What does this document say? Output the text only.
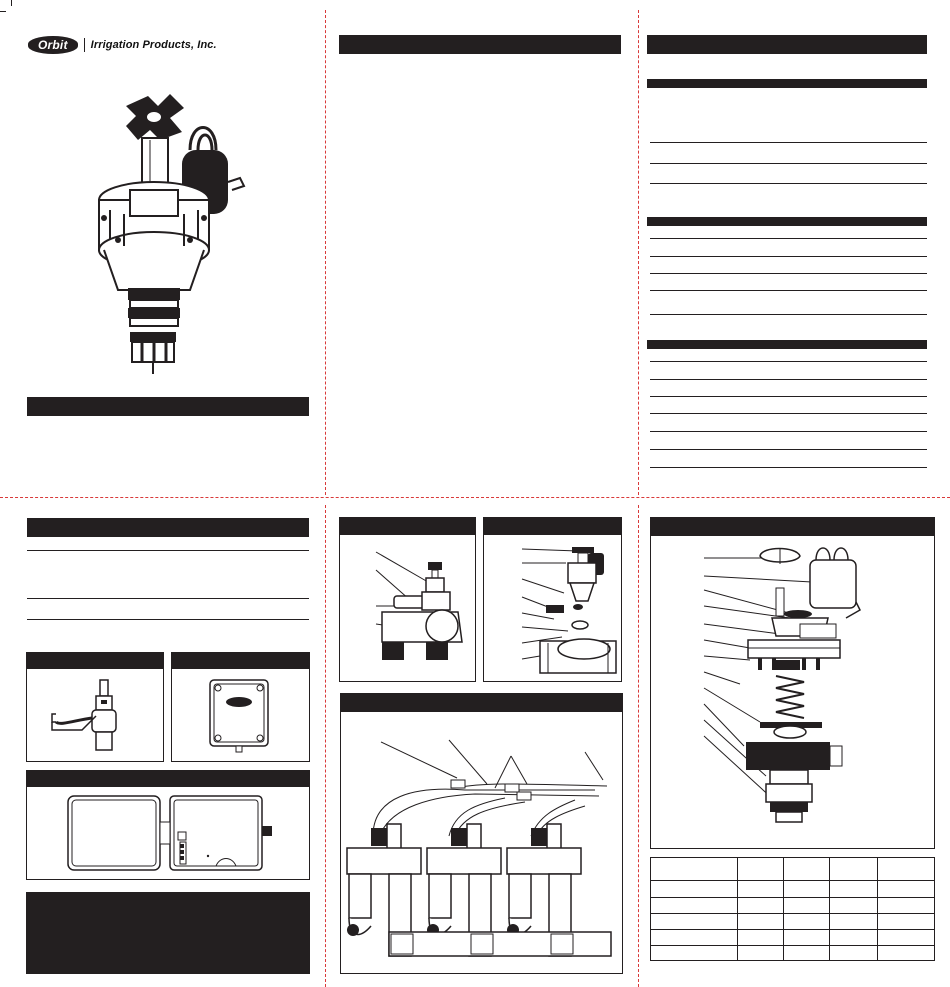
Orbit	Irrigation Products, Inc.
